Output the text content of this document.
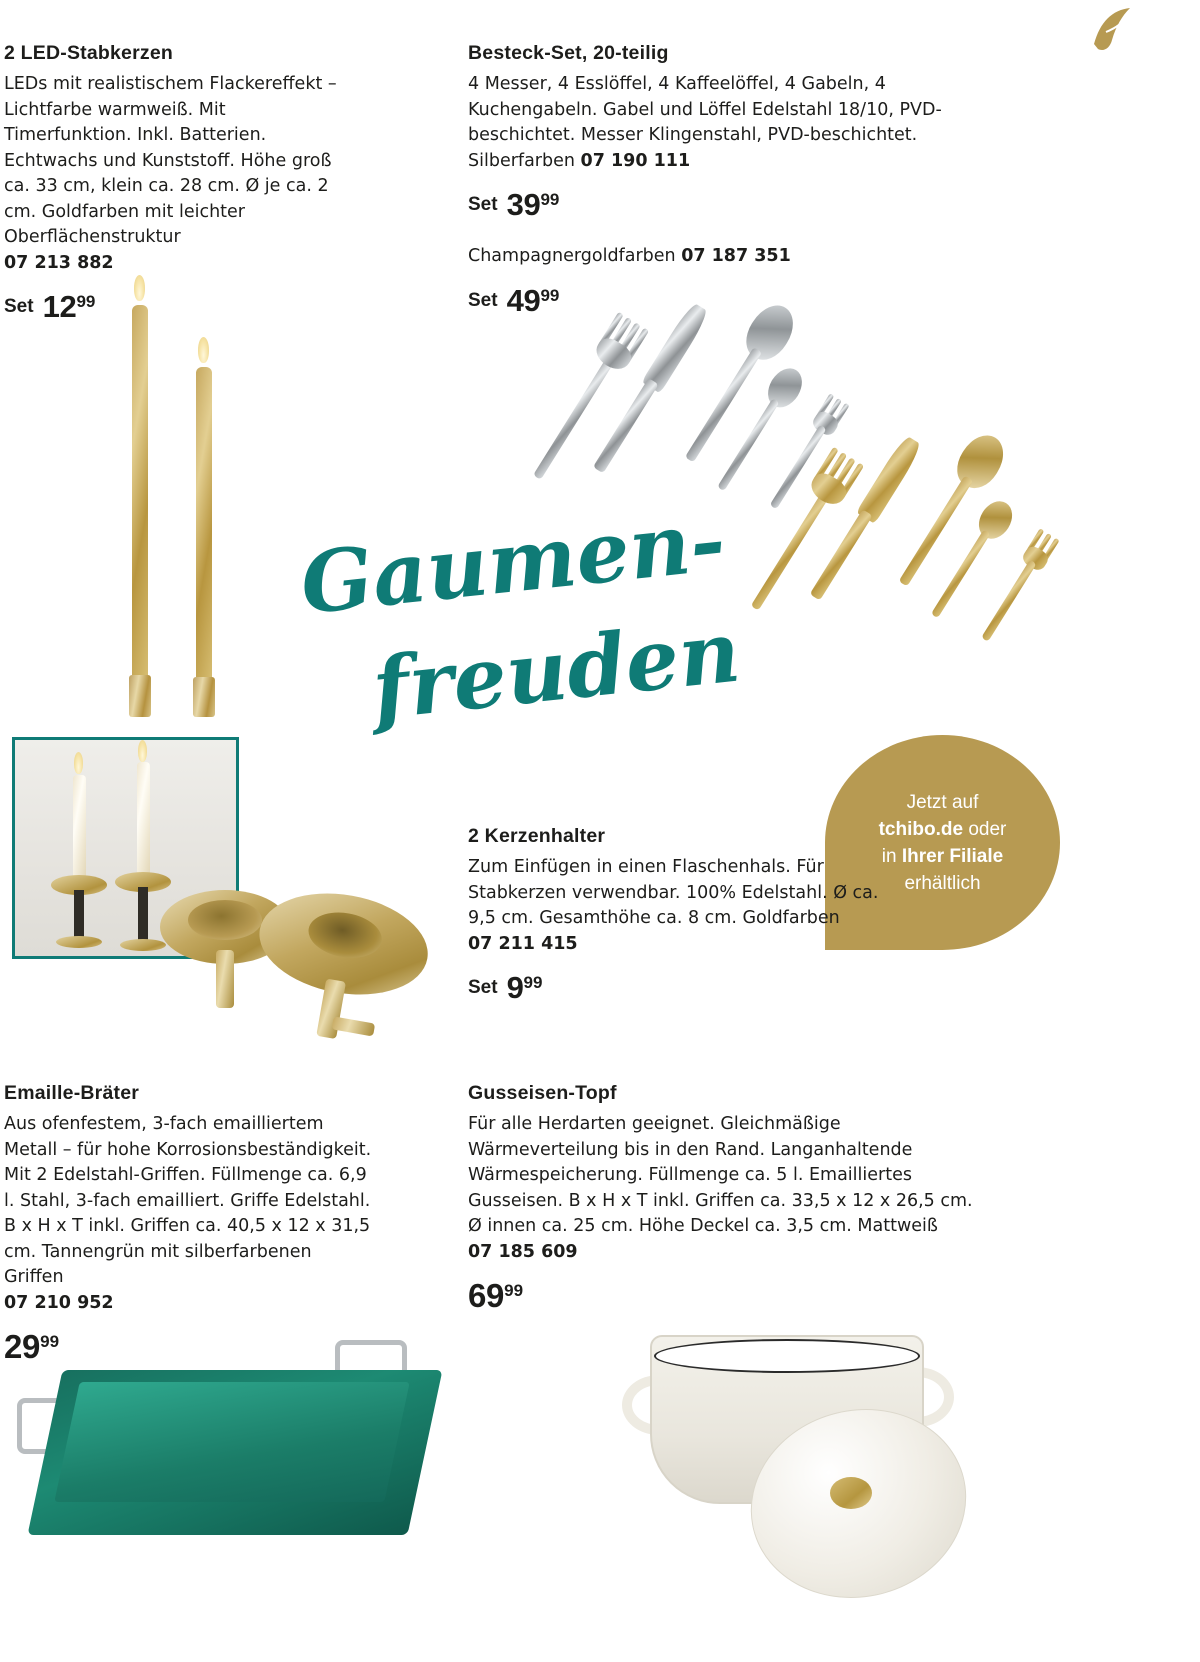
2 LED-Stabkerzen
LEDs mit realistischem Flackereffekt – Lichtfarbe warmweiß. Mit Timerfunktion. Inkl. Batterien. Echtwachs und Kunststoff. Höhe groß ca. 33 cm, klein ca. 28 cm. Ø je ca. 2 cm. Goldfarben mit leichter Oberflächenstruktur
07 213 882
Set 12 99
Besteck-Set, 20-teilig
4 Messer, 4 Esslöffel, 4 Kaffeelöffel, 4 Gabeln, 4 Kuchengabeln. Gabel und Löffel Edelstahl 18/10, PVD-beschichtet. Messer Klingenstahl, PVD-beschichtet.
Silberfarben 07 190 111
Set 39 99
Champagnergoldfarben 07 187 351
Set 49 99
Gaumen-
freuden
Jetzt auf
tchibo.de oder
in Ihrer Filiale
erhältlich
2 Kerzenhalter
Zum Einfügen in einen Flaschenhals. Für Stabkerzen verwendbar. 100% Edelstahl. Ø ca. 9,5 cm. Gesamthöhe ca. 8 cm. Goldfarben
07 211 415
Set 9 99
Emaille-Bräter
Aus ofenfestem, 3-fach emailliertem Metall – für hohe Korrosionsbeständigkeit. Mit 2 Edelstahl-Griffen. Füllmenge ca. 6,9 l. Stahl, 3-fach emailliert. Griffe Edelstahl. B x H x T inkl. Griffen ca. 40,5 x 12 x 31,5 cm. Tannengrün mit silberfarbenen Griffen
07 210 952
29 99
Gusseisen-Topf
Für alle Herdarten geeignet. Gleichmäßige Wärmeverteilung bis in den Rand. Langanhaltende Wärmespeicherung. Füllmenge ca. 5 l. Emailliertes Gusseisen. B x H x T inkl. Griffen ca. 33,5 x 12 x 26,5 cm. Ø innen ca. 25 cm. Höhe Deckel ca. 3,5 cm. Mattweiß
07 185 609
69 99
